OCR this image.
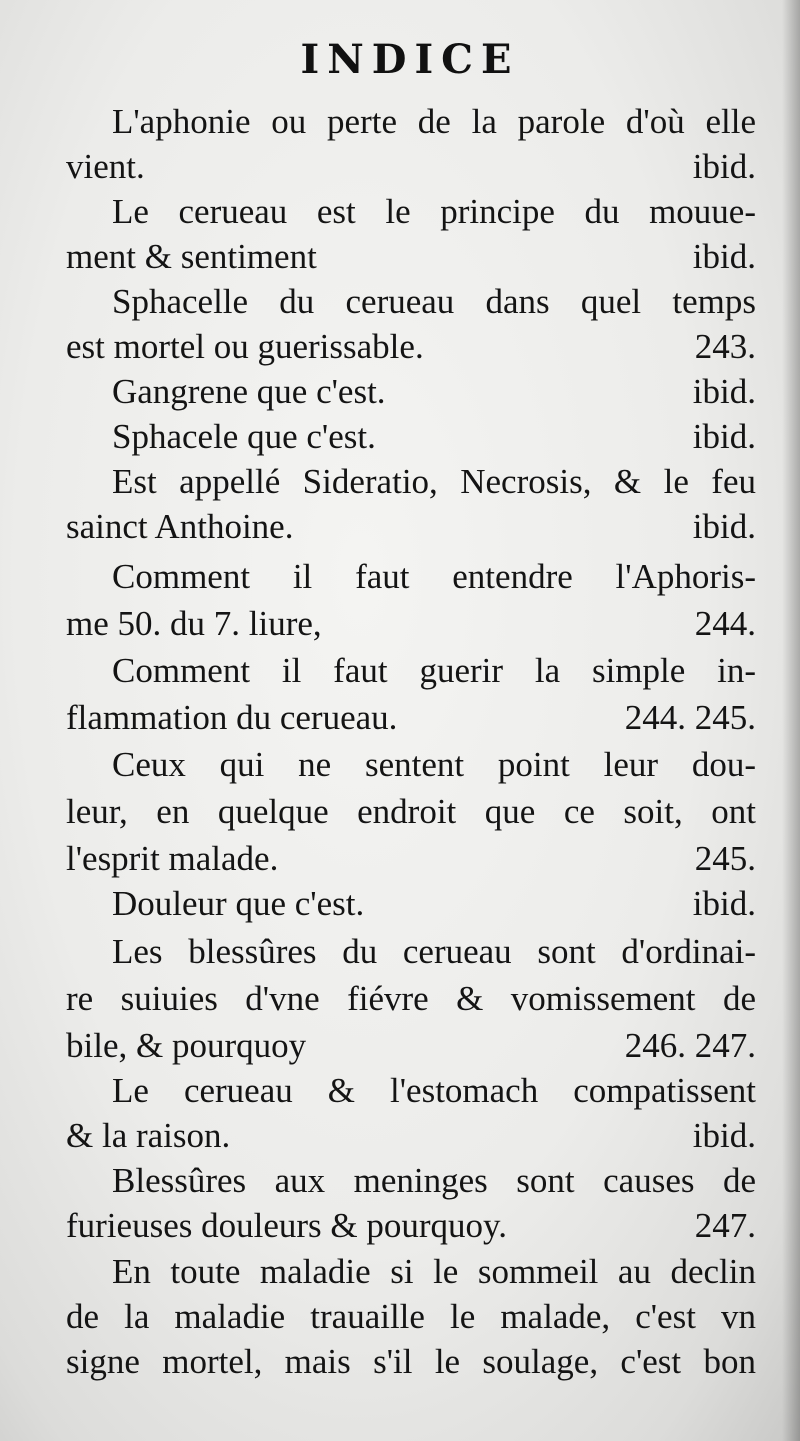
INDICE
L'aphonie ou perte de la parole d'où elle
vient.	ibid.
Le cerueau est le principe du mouue-
ment & sentiment	ibid.
Sphacelle du cerueau dans quel temps
est mortel ou guerissable.	243.
Gangrene que c'est.	ibid.
Sphacele que c'est.	ibid.
Est appellé Sideratio, Necrosis, & le feu
sainct Anthoine.	ibid.
Comment il faut entendre l'Aphoris-
me 50. du 7. liure,	244.
Comment il faut guerir la simple in-
flammation du cerueau.	244. 245.
Ceux qui ne sentent point leur dou-
leur, en quelque endroit que ce soit, ont
l'esprit malade.	245.
Douleur que c'est.	ibid.
Les blessûres du cerueau sont d'ordinai-
re suiuies d'vne fiévre & vomissement de
bile, & pourquoy	246. 247.
Le cerueau & l'estomach compatissent
& la raison.	ibid.
Blessûres aux meninges sont causes de
furieuses douleurs & pourquoy.	247.
En toute maladie si le sommeil au declin
de la maladie trauaille le malade, c'est vn
signe mortel, mais s'il le soulage, c'est bon
